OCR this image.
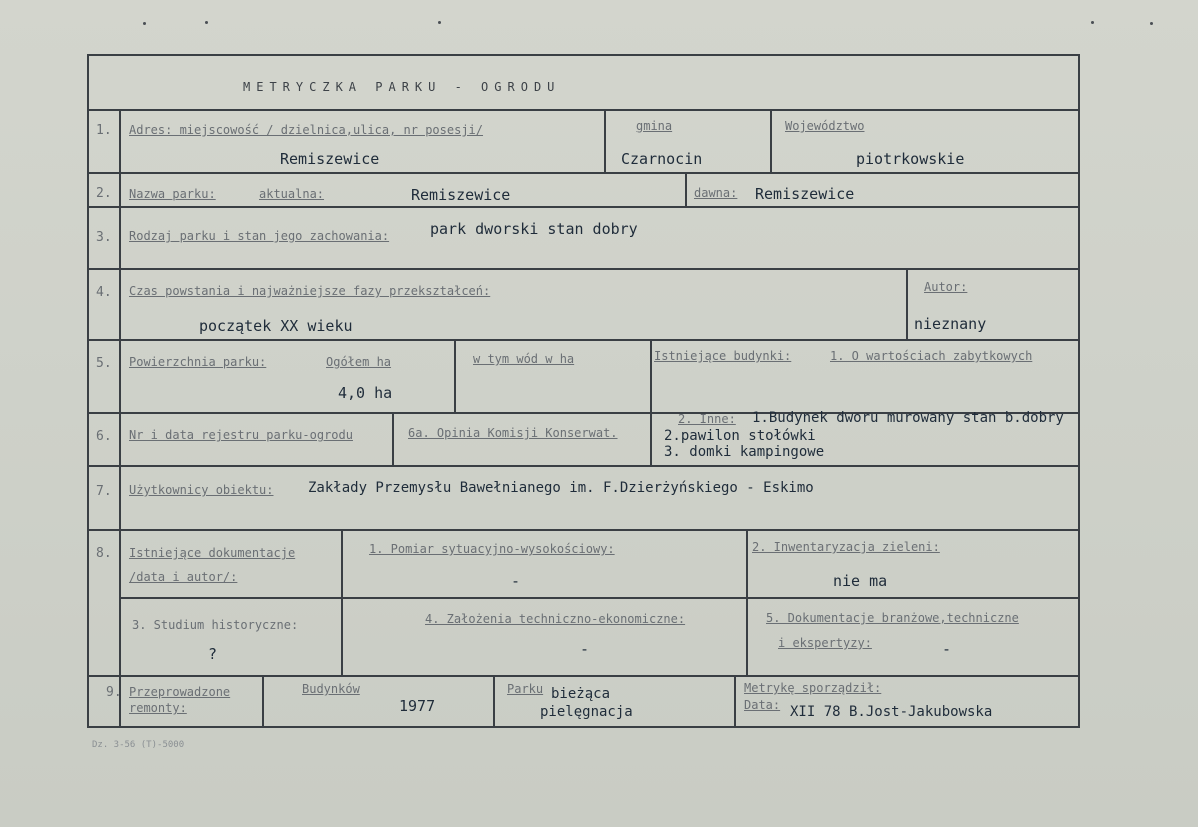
METRYCZKA PARKU - OGRODU
1. Adres: miejscowość / dzielnica,ulica, nr posesji/
Remiszewice
gmina
Czarnocin
Województwo
piotrkowskie
2. Nazwa parku:	aktualna:	Remiszewice	dawna: Remiszewice
3. Rodzaj parku i stan jego zachowania:	park dworski stan dobry
4. Czas powstania i najważniejsze fazy przekształceń:
początek XX wieku
Autor:
nieznany
5. Powierzchnia parku:	Ogółem ha
4,0 ha
w tym wód w ha	Istniejące budynki:	1. O wartościach zabytkowych
6. Nr i data rejestru parku-ogrodu	6a. Opinia Komisji Konserwat.
2. Inne: 1.Budynek dworu murowany stan b.dobry
2.pawilon stołówki
3. domki kampingowe
7. Użytkownicy obiektu: Zakłady Przemysłu Bawełnianego im. F.Dzierżyńskiego - Eskimo
8. Istniejące dokumentacje
/data i autor/:
1. Pomiar sytuacyjno-wysokościowy:
-
2. Inwentaryzacja zieleni:
nie ma
3. Studium historyczne:
?
4. Założenia techniczno-ekonomiczne:
-
5. Dokumentacje branżowe,techniczne
i ekspertyzy:	-
9. Przeprowadzone
remonty:
Budynków
1977
Parku bieżąca
pielęgnacja
Metrykę sporządził:
Data: XII 78 B.Jost-Jakubowska
Dz. 3-56 (T)-5000
